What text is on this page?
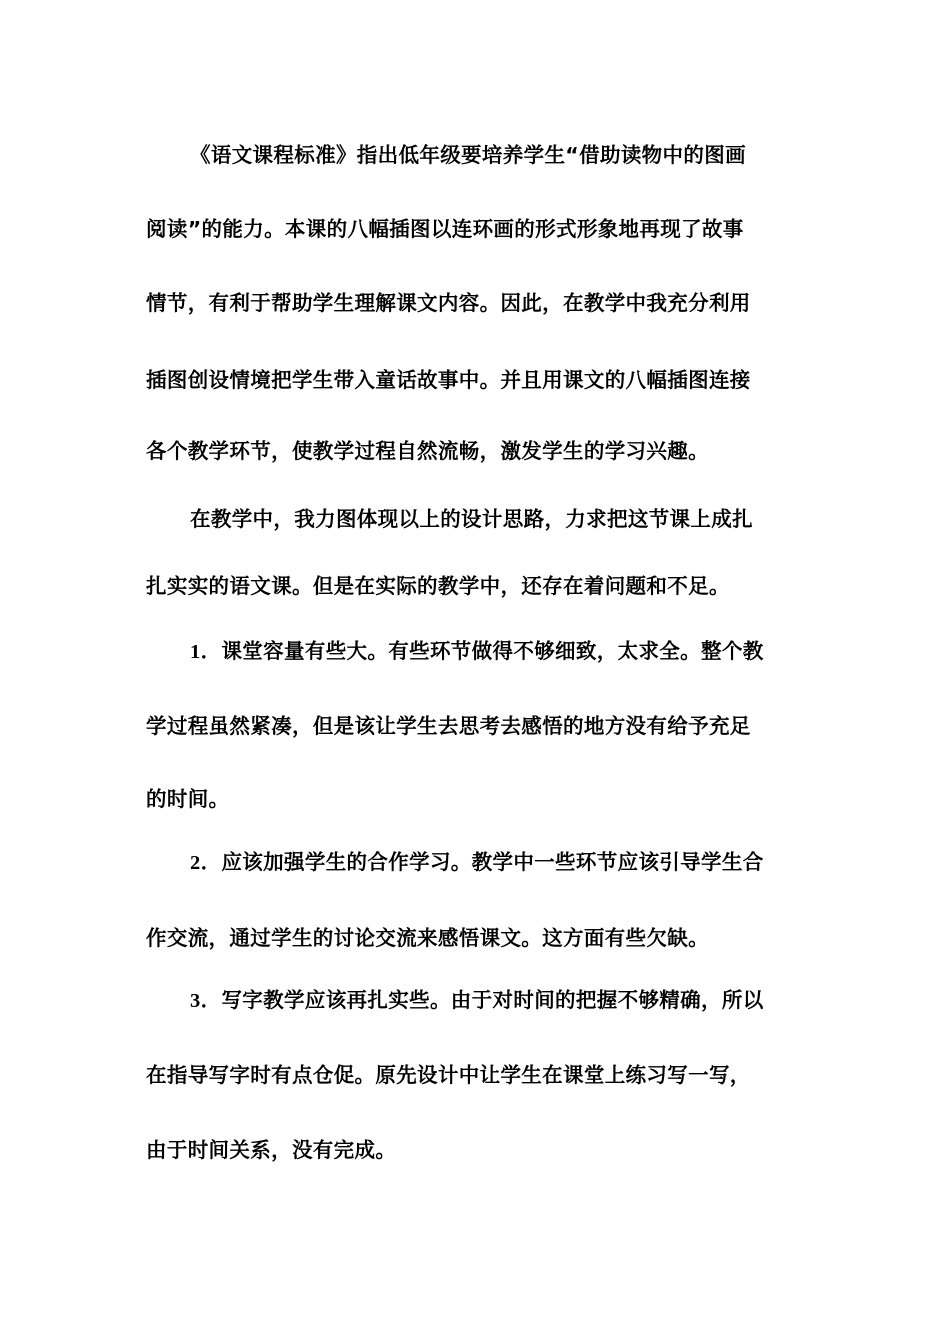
《语文课程标准》指出低年级要培养学生“借助读物中的图画
阅读”的能力。本课的八幅插图以连环画的形式形象地再现了故事
情节，有利于帮助学生理解课文内容。因此，在教学中我充分利用
插图创设情境把学生带入童话故事中。并且用课文的八幅插图连接
各个教学环节，使教学过程自然流畅，激发学生的学习兴趣。
在教学中，我力图体现以上的设计思路，力求把这节课上成扎
扎实实的语文课。但是在实际的教学中，还存在着问题和不足。
1．课堂容量有些大。有些环节做得不够细致，太求全。整个教
学过程虽然紧凑，但是该让学生去思考去感悟的地方没有给予充足
的时间。
2．应该加强学生的合作学习。教学中一些环节应该引导学生合
作交流，通过学生的讨论交流来感悟课文。这方面有些欠缺。
3．写字教学应该再扎实些。由于对时间的把握不够精确，所以
在指导写字时有点仓促。原先设计中让学生在课堂上练习写一写，
由于时间关系，没有完成。
